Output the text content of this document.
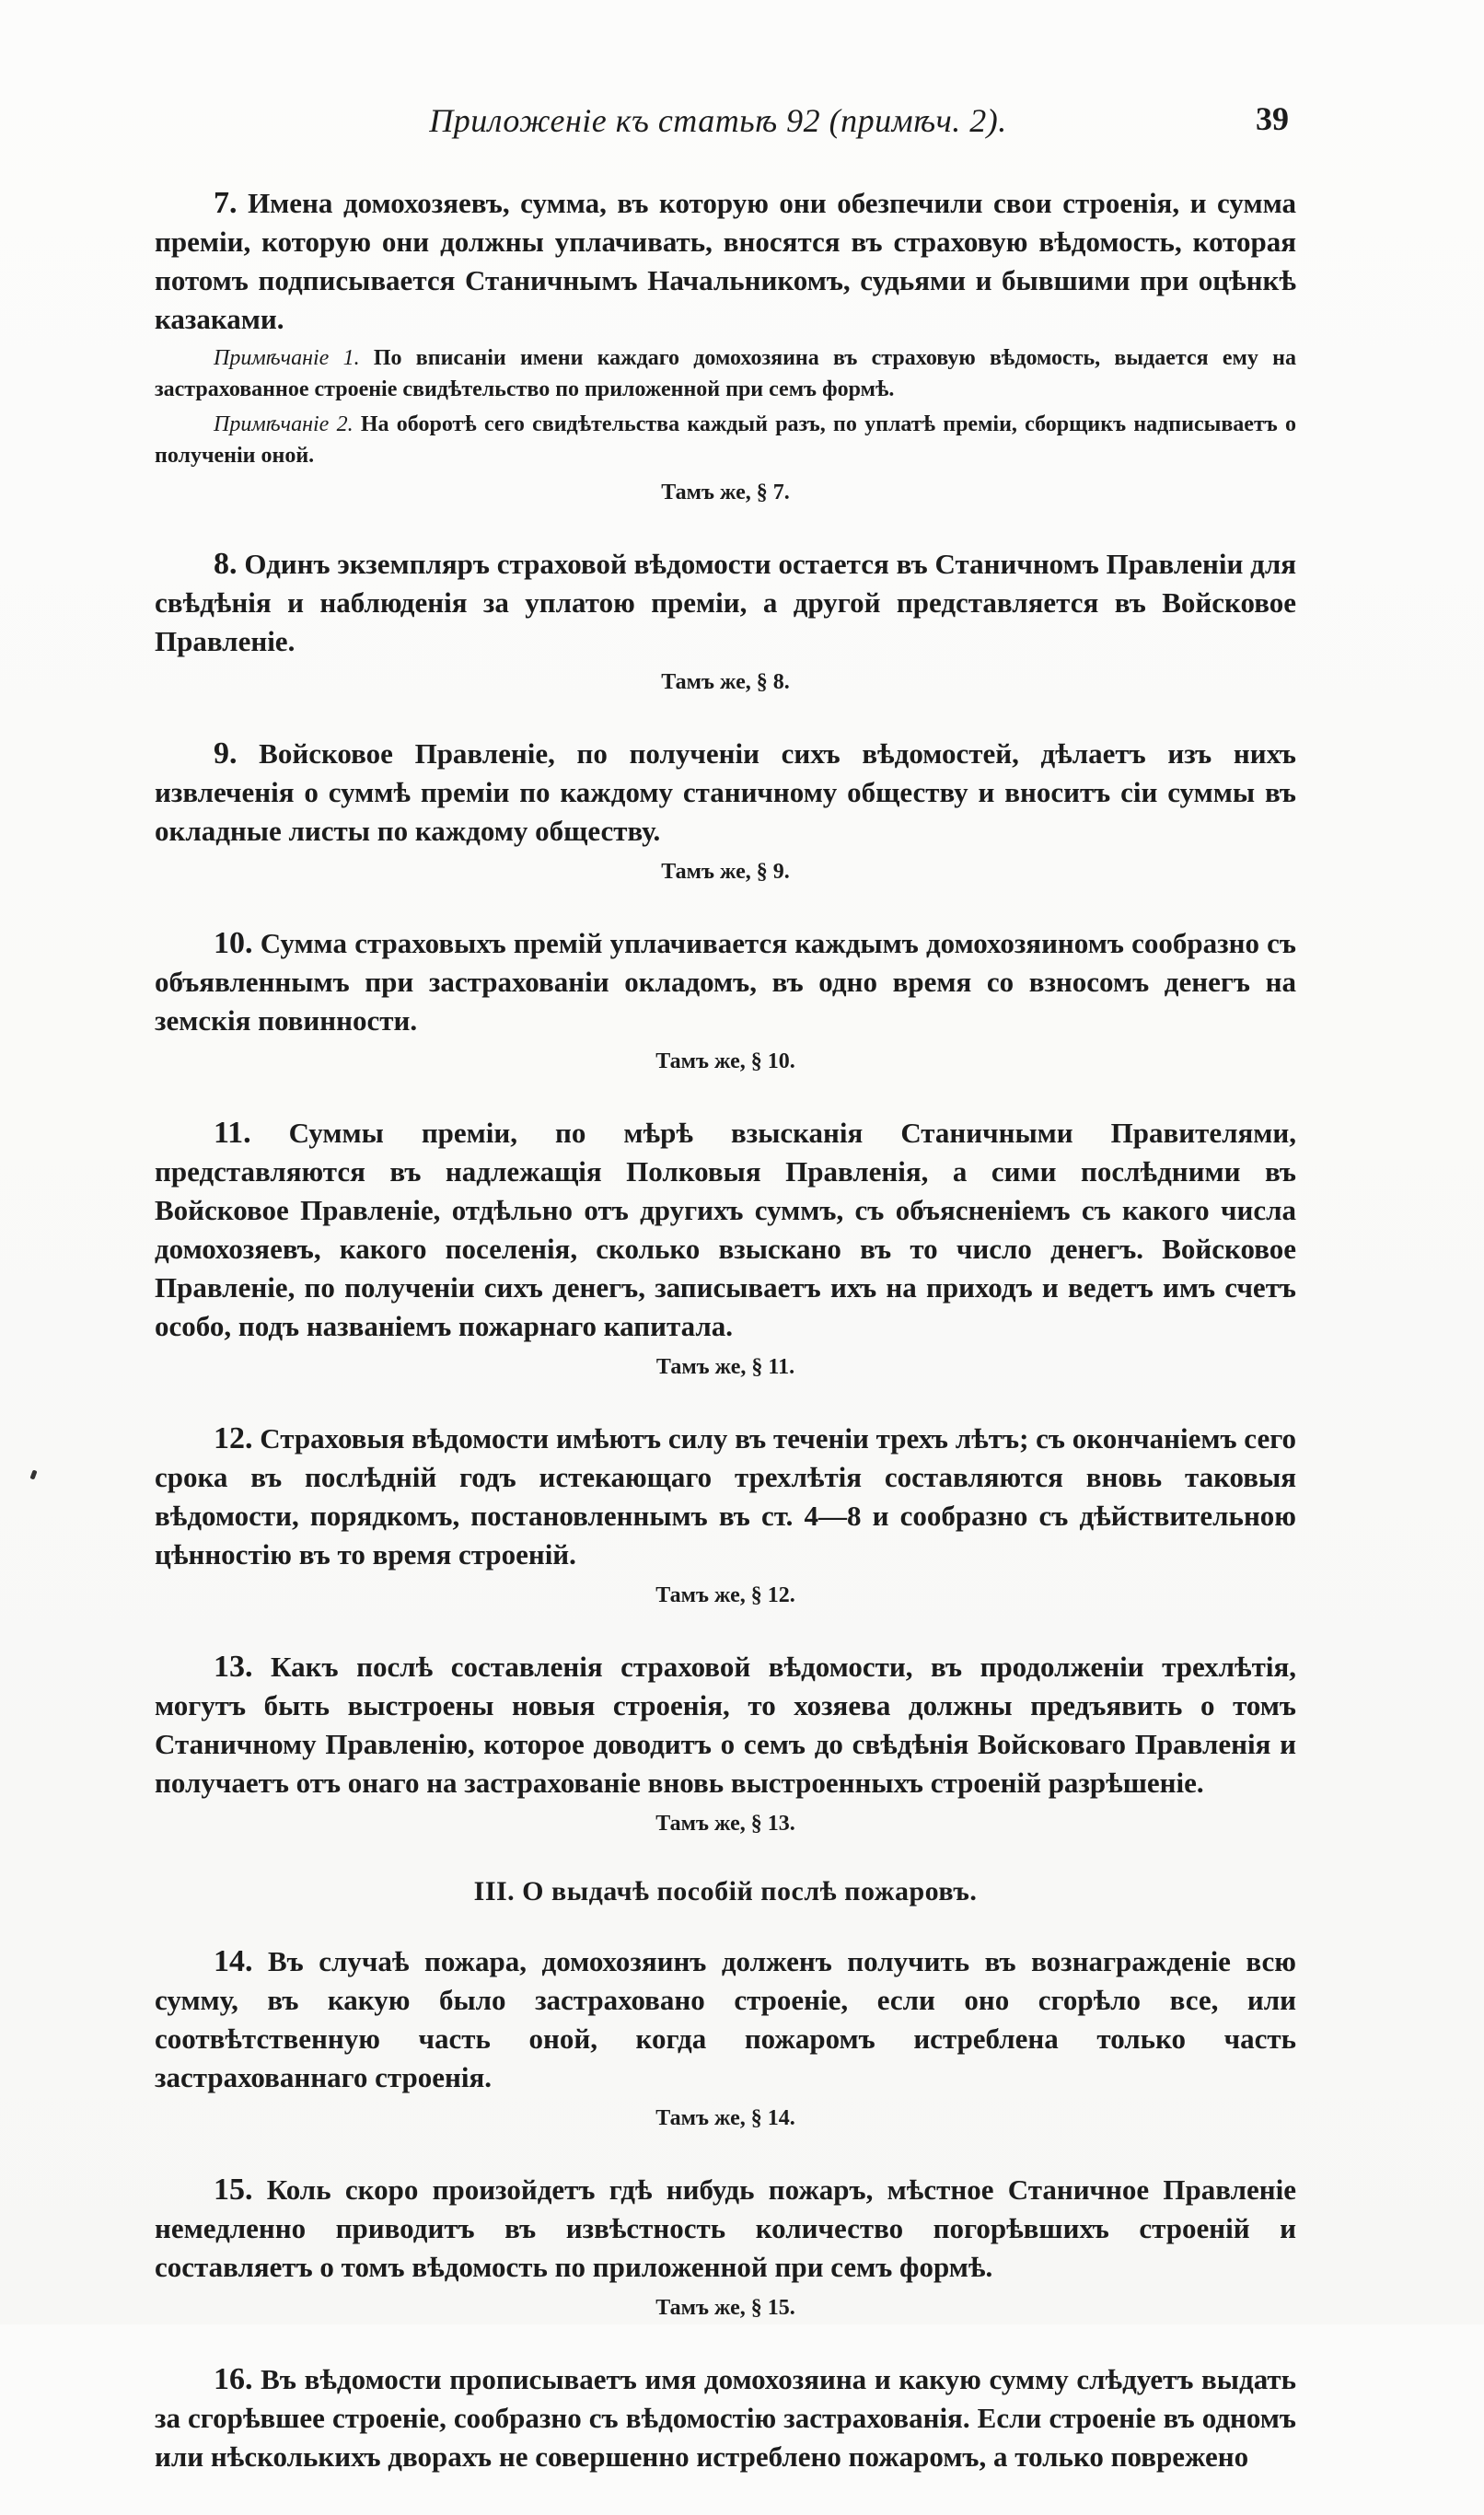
Приложенiе къ статьѣ 92 (примѣч. 2).	39

7. Имена домохозяевъ, сумма, въ которую они обезпечили свои строенiя, и сумма премiи, которую они должны уплачивать, вносятся въ страховую вѣдомость, которая потомъ подписывается Станичнымъ Начальникомъ, судьями и бывшими при оцѣнкѣ казаками.

Примѣчанiе 1. По вписанiи имени каждаго домохозяина въ страховую вѣдомость, выдается ему на застрахованное строенiе свидѣтельство по приложенной при семъ формѣ.

Примѣчанiе 2. На оборотѣ сего свидѣтельства каждый разъ, по уплатѣ премiи, сборщикъ надписываетъ о полученiи оной.

Тамъ же, § 7.

8. Одинъ экземпляръ страховой вѣдомости остается въ Станичномъ Правленiи для свѣдѣнiя и наблюденiя за уплатою премiи, а другой представляется въ Войсковое Правленiе.

Тамъ же, § 8.

9. Войсковое Правленiе, по полученiи сихъ вѣдомостей, дѣлаетъ изъ нихъ извлеченiя о суммѣ премiи по каждому станичному обществу и вноситъ сiи суммы въ окладные листы по каждому обществу.

Тамъ же, § 9.

10. Сумма страховыхъ премiй уплачивается каждымъ домохозяиномъ сообразно съ объявленнымъ при застрахованiи окладомъ, въ одно время со взносомъ денегъ на земскiя повинности.

Тамъ же, § 10.

11. Суммы премiи, по мѣрѣ взысканiя Станичными Правителями, представляются въ надлежащiя Полковыя Правленiя, а сими послѣдними въ Войсковое Правленiе, отдѣльно отъ другихъ суммъ, съ объясненiемъ съ какого числа домохозяевъ, какого поселенiя, сколько взыскано въ то число денегъ. Войсковое Правленiе, по полученiи сихъ денегъ, записываетъ ихъ на приходъ и ведетъ имъ счетъ особо, подъ названiемъ пожарнаго капитала.

Тамъ же, § 11.

12. Страховыя вѣдомости имѣютъ силу въ теченiи трехъ лѣтъ; съ окончанiемъ сего срока въ послѣднiй годъ истекающаго трехлѣтiя составляются вновь таковыя вѣдомости, порядкомъ, постановленнымъ въ ст. 4—8 и сообразно съ дѣйствительною цѣнностiю въ то время строенiй.

Тамъ же, § 12.

13. Какъ послѣ составленiя страховой вѣдомости, въ продолженiи трехлѣтiя, могутъ быть выстроены новыя строенiя, то хозяева должны предъявить о томъ Станичному Правленiю, которое доводитъ о семъ до свѣдѣнiя Войсковаго Правленiя и получаетъ отъ онаго на застрахованiе вновь выстроенныхъ строенiй разрѣшенiе.

Тамъ же, § 13.

III. О выдачѣ пособiй послѣ пожаровъ.

14. Въ случаѣ пожара, домохозяинъ долженъ получить въ вознагражденiе всю сумму, въ какую было застраховано строенiе, если оно сгорѣло все, или соотвѣтственную часть оной, когда пожаромъ истреблена только часть застрахованнаго строенiя.

Тамъ же, § 14.

15. Коль скоро произойдетъ гдѣ нибудь пожаръ, мѣстное Станичное Правленiе немедленно приводитъ въ извѣстность количество погорѣвшихъ строенiй и составляетъ о томъ вѣдомость по приложенной при семъ формѣ.

Тамъ же, § 15.

16. Въ вѣдомости прописываетъ имя домохозяина и какую сумму слѣдуетъ выдать за сгорѣвшее строенiе, сообразно съ вѣдомостiю застрахованiя. Если строенiе въ одномъ или нѣсколькихъ дворахъ не совершенно истреблено пожаромъ, а только поврежено
